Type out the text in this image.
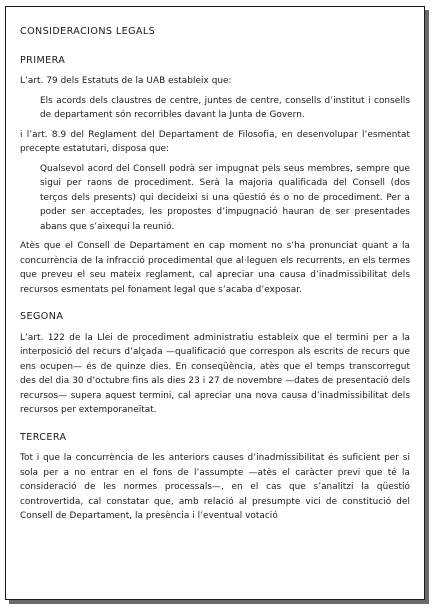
CONSIDERACIONS LEGALS
PRIMERA

L’art. 79 dels Estatuts de la UAB estableix que:

Els acords dels claustres de centre, juntes de centre, consells d’institut i consells de departament són recorribles davant la Junta de Govern.

i l’art. 8.9 del Reglament del Departament de Filosofia, en desenvolupar l’esmentat precepte estatutari, disposa que:

Qualsevol acord del Consell podrà ser impugnat pels seus membres, sempre que sigui per raons de procediment. Serà la majoria qualificada del Consell (dos terços dels presents) qui decideixi si una qüestió és o no de procediment. Per a poder ser acceptades, les propostes d’impugnació hauran de ser presentades abans que s’aixequi la reunió.

Atès que el Consell de Departament en cap moment no s’ha pronunciat quant a la concurrència de la infracció procedimental que al·leguen els recurrents, en els termes que preveu el seu mateix reglament, cal apreciar una causa d’inadmissibilitat dels recursos esmentats pel fonament legal que s’acaba d’exposar.

SEGONA

L’art. 122 de la Llei de procediment administratiu estableix que el termini per a la interposició del recurs d’alçada —qualificació que correspon als escrits de recurs que ens ocupen— és de quinze dies. En conseqüència, atès que el temps transcorregut des del dia 30 d’octubre fins als dies 23 i 27 de novembre —dates de presentació dels recursos— supera aquest termini, cal apreciar una nova causa d’inadmissibilitat dels recursos per extemporaneïtat.

TERCERA

Tot i que la concurrència de les anteriors causes d’inadmissibilitat és suficient per si sola per a no entrar en el fons de l’assumpte —atès el caràcter previ que té la consideració de les normes processals—, en el cas que s’analitzi la qüestió controvertida, cal constatar que, amb relació al presumpte vici de constitució del Consell de Departament, la presència i l’eventual votació
